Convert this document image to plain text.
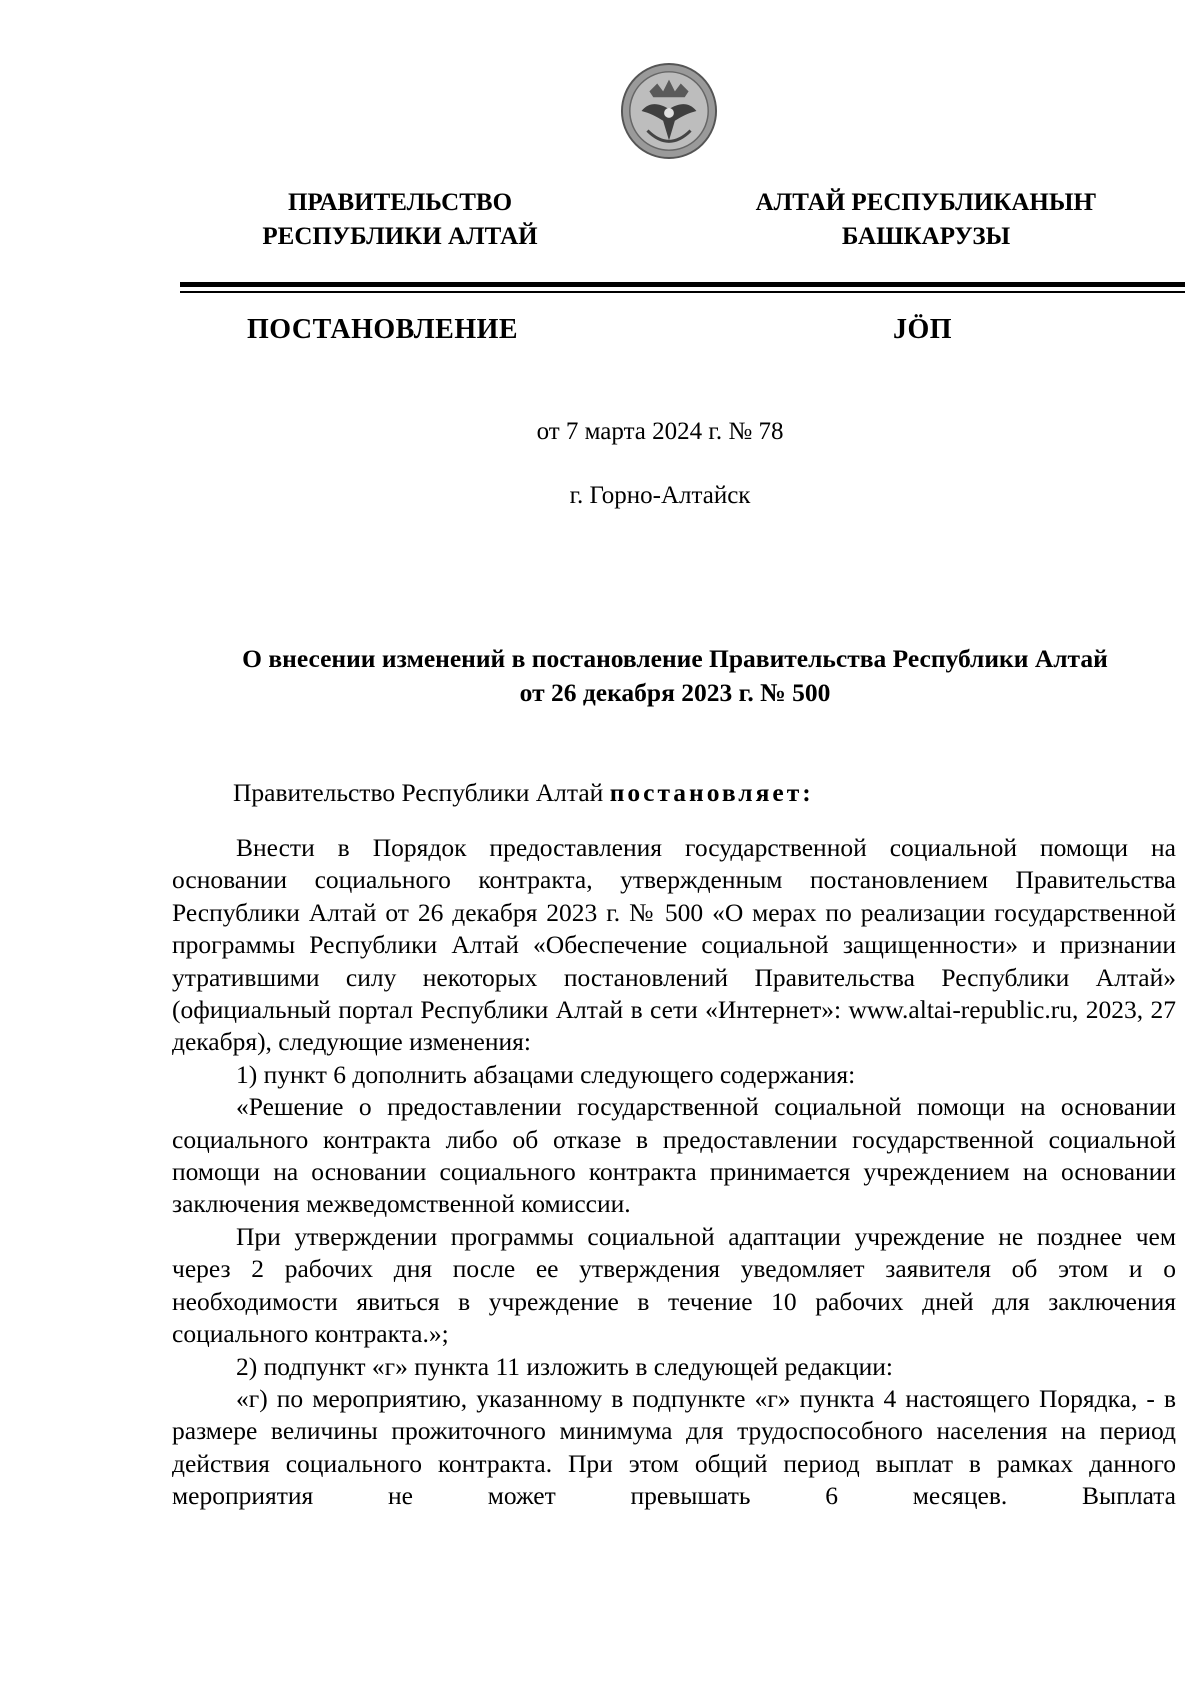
ПРАВИТЕЛЬСТВО
РЕСПУБЛИКИ АЛТАЙ
АЛТАЙ РЕСПУБЛИКАНЫҤ
БАШКАРУЗЫ
ПОСТАНОВЛЕНИЕ	JÖП
от 7 марта 2024 г. № 78
г. Горно-Алтайск
О внесении изменений в постановление Правительства Республики Алтай
от 26 декабря 2023 г. № 500
Правительство Республики Алтай постановляет:

Внести в Порядок предоставления государственной социальной помощи на основании социального контракта, утвержденным постановлением Правительства Республики Алтай от 26 декабря 2023 г. № 500 «О мерах по реализации государственной программы Республики Алтай «Обеспечение социальной защищенности» и признании утратившими силу некоторых постановлений Правительства Республики Алтай» (официальный портал Республики Алтай в сети «Интернет»: www.altai-republic.ru, 2023, 27 декабря), следующие изменения:

1) пункт 6 дополнить абзацами следующего содержания:

«Решение о предоставлении государственной социальной помощи на основании социального контракта либо об отказе в предоставлении государственной социальной помощи на основании социального контракта принимается учреждением на основании заключения межведомственной комиссии.

При утверждении программы социальной адаптации учреждение не позднее чем через 2 рабочих дня после ее утверждения уведомляет заявителя об этом и о необходимости явиться в учреждение в течение 10 рабочих дней для заключения социального контракта.»;

2) подпункт «г» пункта 11 изложить в следующей редакции:

«г) по мероприятию, указанному в подпункте «г» пункта 4 настоящего Порядка, - в размере величины прожиточного минимума для трудоспособного населения на период действия социального контракта. При этом общий период выплат в рамках данного мероприятия не может превышать 6 месяцев. Выплата
